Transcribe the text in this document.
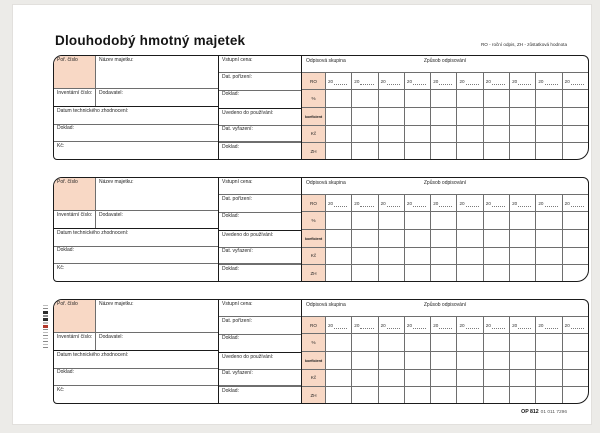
Dlouhodobý hmotný majetek	RO - roční odpis, ZH - zůstatková hodnota
Poř. číslo	Název majetku:
Inventární číslo:	Dodavatel:
Datum technického zhodnocení:
Doklad:
Kč:
Vstupní cena:
Dat. pořízení:
Doklad:
Uvedeno do používání:
Dat. vyřazení:
Doklad:
Odpisová skupina	Způsob odpisování
RO	20	20	20	20	20	20	20	20	20	20
%
koeficient
Kč
ZH
Poř. číslo	Název majetku:
Inventární číslo:	Dodavatel:
Datum technického zhodnocení:
Doklad:
Kč:
Vstupní cena:
Dat. pořízení:
Doklad:
Uvedeno do používání:
Dat. vyřazení:
Doklad:
Odpisová skupina	Způsob odpisování
RO	20	20	20	20	20	20	20	20	20	20
%
koeficient
Kč
ZH
Poř. číslo	Název majetku:
Inventární číslo:	Dodavatel:
Datum technického zhodnocení:
Doklad:
Kč:
Vstupní cena:
Dat. pořízení:
Doklad:
Uvedeno do používání:
Dat. vyřazení:
Doklad:
Odpisová skupina	Způsob odpisování
RO	20	20	20	20	20	20	20	20	20	20
%
koeficient
Kč
ZH
OP 812 01 011 7296
